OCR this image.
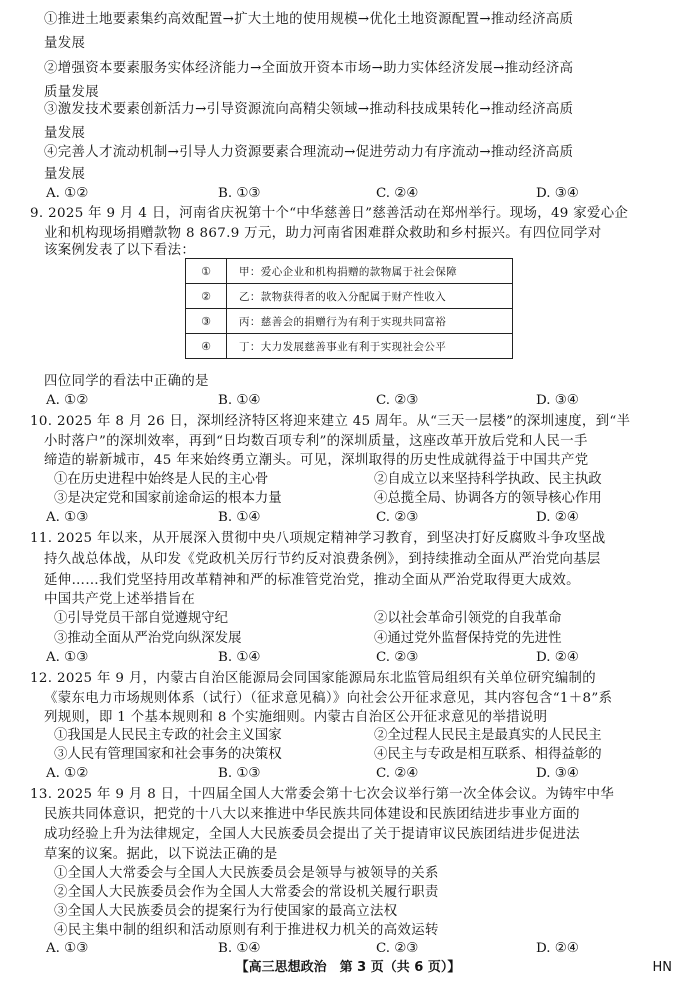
①推进土地要素集约高效配置→扩大土地的使用规模→优化土地资源配置→推动经济高质
量发展
②增强资本要素服务实体经济能力→全面放开资本市场→助力实体经济发展→推动经济高
质量发展
③激发技术要素创新活力→引导资源流向高精尖领域→推动科技成果转化→推动经济高质
量发展
④完善人才流动机制→引导人力资源要素合理流动→促进劳动力有序流动→推动经济高质
量发展
A. ①②	B. ①③	C. ②④	D. ③④
9. 2025 年 9 月 4 日，河南省庆祝第十个“中华慈善日”慈善活动在郑州举行。现场，49 家爱心企
业和机构现场捐赠款物 8 867.9 万元，助力河南省困难群众救助和乡村振兴。有四位同学对
该案例发表了以下看法：
①	甲：爱心企业和机构捐赠的款物属于社会保障
②	乙：款物获得者的收入分配属于财产性收入
③	丙：慈善会的捐赠行为有利于实现共同富裕
④	丁：大力发展慈善事业有利于实现社会公平
四位同学的看法中正确的是
A. ①②	B. ①④	C. ②③	D. ③④
10. 2025 年 8 月 26 日，深圳经济特区将迎来建立 45 周年。从“三天一层楼”的深圳速度，到“半
小时落户”的深圳效率，再到“日均数百项专利”的深圳质量，这座改革开放后党和人民一手
缔造的崭新城市，45 年来始终勇立潮头。可见，深圳取得的历史性成就得益于中国共产党
①在历史进程中始终是人民的主心骨	②自成立以来坚持科学执政、民主执政
③是决定党和国家前途命运的根本力量	④总揽全局、协调各方的领导核心作用
A. ①③	B. ①④	C. ②③	D. ②④
11. 2025 年以来，从开展深入贯彻中央八项规定精神学习教育，到坚决打好反腐败斗争攻坚战
持久战总体战，从印发《党政机关厉行节约反对浪费条例》，到持续推动全面从严治党向基层
延伸……我们党坚持用改革精神和严的标准管党治党，推动全面从严治党取得更大成效。
中国共产党上述举措旨在
①引导党员干部自觉遵规守纪	②以社会革命引领党的自我革命
③推动全面从严治党向纵深发展	④通过党外监督保持党的先进性
A. ①③	B. ①④	C. ②③	D. ②④
12. 2025 年 9 月，内蒙古自治区能源局会同国家能源局东北监管局组织有关单位研究编制的
《蒙东电力市场规则体系（试行）（征求意见稿）》向社会公开征求意见，其内容包含“1＋8”系
列规则，即 1 个基本规则和 8 个实施细则。内蒙古自治区公开征求意见的举措说明
①我国是人民民主专政的社会主义国家	②全过程人民民主是最真实的人民民主
③人民有管理国家和社会事务的决策权	④民主与专政是相互联系、相得益彰的
A. ①②	B. ①③	C. ②④	D. ③④
13. 2025 年 9 月 8 日，十四届全国人大常委会第十七次会议举行第一次全体会议。为铸牢中华
民族共同体意识，把党的十八大以来推进中华民族共同体建设和民族团结进步事业方面的
成功经验上升为法律规定，全国人大民族委员会提出了关于提请审议民族团结进步促进法
草案的议案。据此，以下说法正确的是
①全国人大常委会与全国人大民族委员会是领导与被领导的关系
②全国人大民族委员会作为全国人大常委会的常设机关履行职责
③全国人大民族委员会的提案行为行使国家的最高立法权
④民主集中制的组织和活动原则有利于推进权力机关的高效运转
A. ①③	B. ①④	C. ②③	D. ②④
【高三思想政治　第 3 页（共 6 页）】	HN
